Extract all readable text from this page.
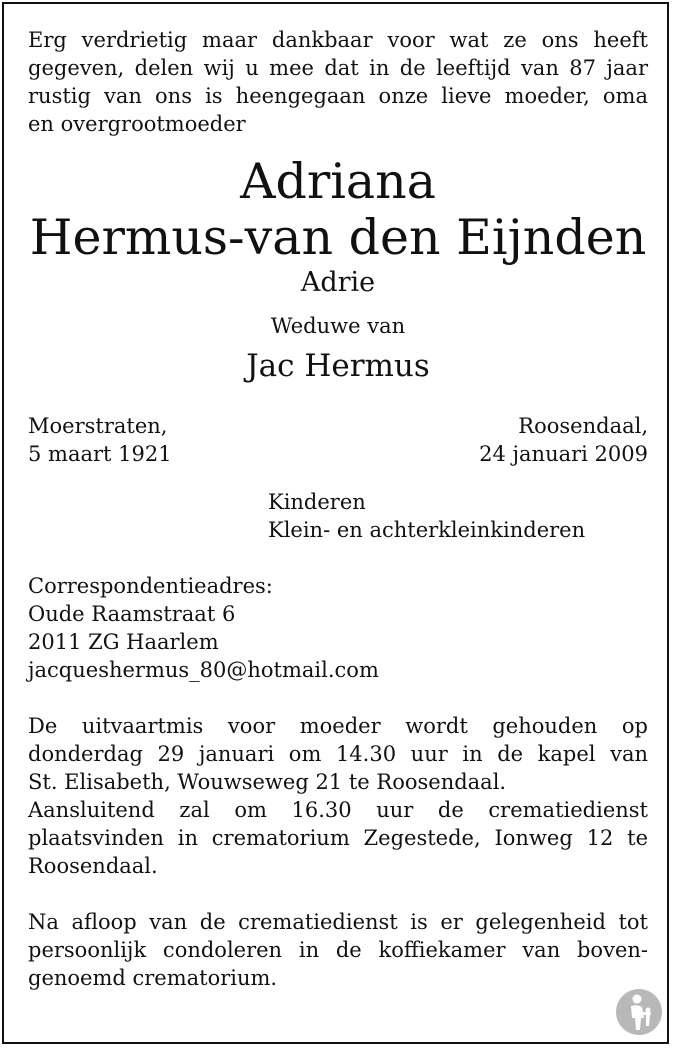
Erg verdrietig maar dankbaar voor wat ze ons heeft

gegeven, delen wij u mee dat in de leeftijd van 87 jaar

rustig van ons is heengegaan onze lieve moeder, oma

en overgrootmoeder

Adriana

Hermus-van den Eijnden

Adrie

Weduwe van

Jac Hermus

Moerstraten,
5 maart 1921
Roosendaal,
24 januari 2009
Kinderen
Klein- en achterkleinkinderen

Correspondentieadres:

Oude Raamstraat 6

2011 ZG Haarlem

jacqueshermus_80@hotmail.com

De uitvaartmis voor moeder wordt gehouden op

donderdag 29 januari om 14.30 uur in de kapel van

St. Elisabeth, Wouwseweg 21 te Roosendaal.

Aansluitend zal om 16.30 uur de crematiedienst

plaatsvinden in crematorium Zegestede, Ionweg 12 te

Roosendaal.

Na afloop van de crematiedienst is er gelegenheid tot

persoonlijk condoleren in de koffiekamer van boven-

genoemd crematorium.
